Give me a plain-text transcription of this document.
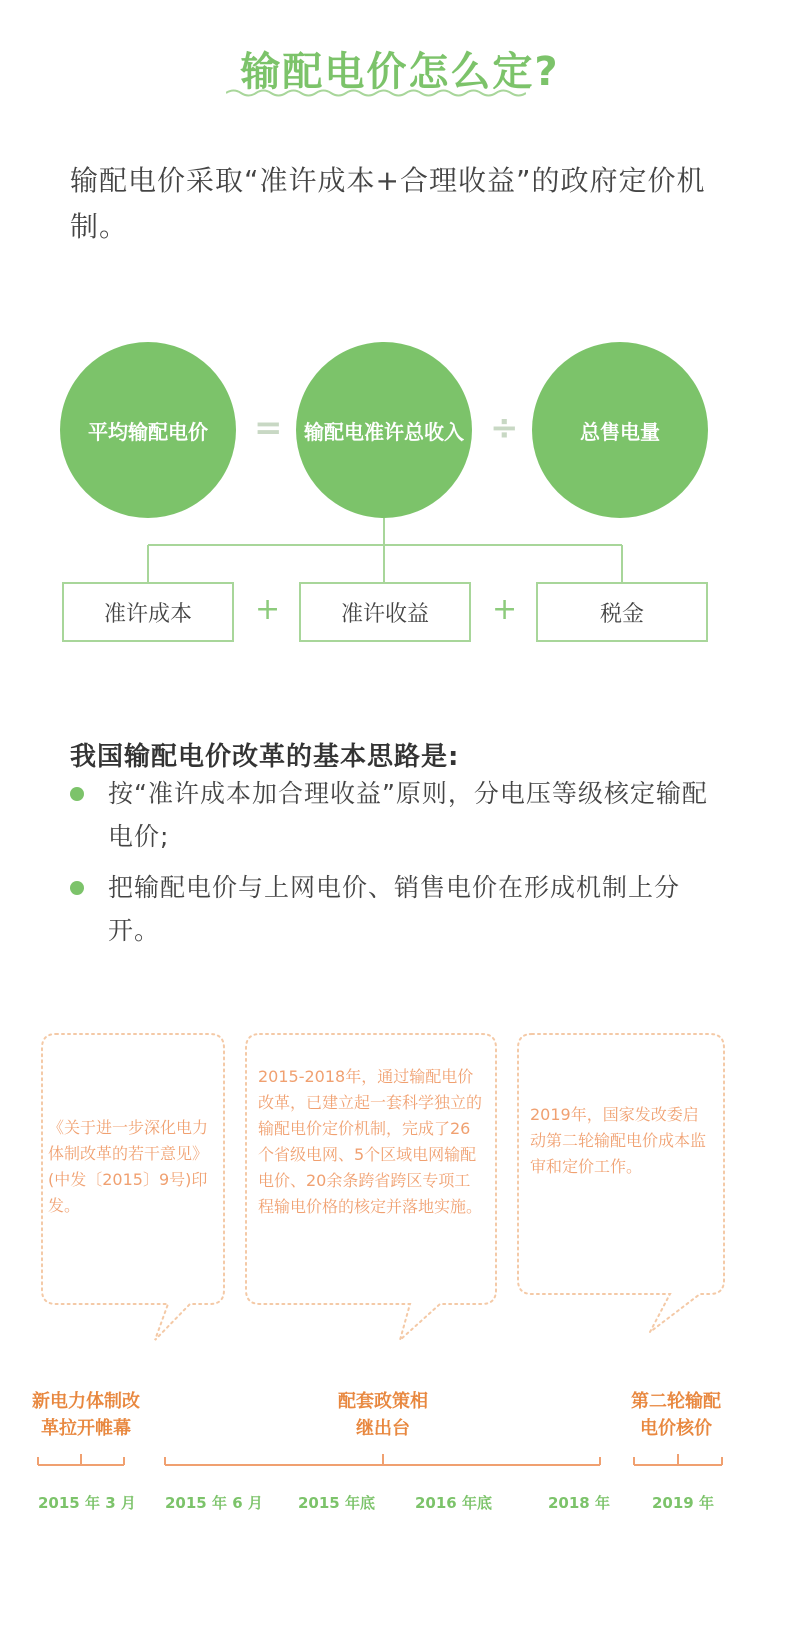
输配电价怎么定?
输配电价采取“准许成本+合理收益”的政府定价机制。
平均输配电价	=	输配电准许总收入 ÷	总售电量
准许成本	+	准许收益	+	税金
我国输配电价改革的基本思路是:
按“准许成本加合理收益”原则，分电压等级核定输配电价;
把输配电价与上网电价、销售电价在形成机制上分开。
《关于进一步深化电力体制改革的若干意见》(中发〔2015〕9号)印发。
2015-2018年，通过输配电价改革，已建立起一套科学独立的输配电价定价机制，完成了26个省级电网、5个区域电网输配电价、20余条跨省跨区专项工程输电价格的核定并落地实施。
2019年，国家发改委启动第二轮输配电价成本监审和定价工作。
新电力体制改革拉开帷幕
配套政策相继出台
第二轮输配电价核价
2015 年 3 月 2015 年 6 月 2015 年底	2016 年底	2018 年	2019 年
